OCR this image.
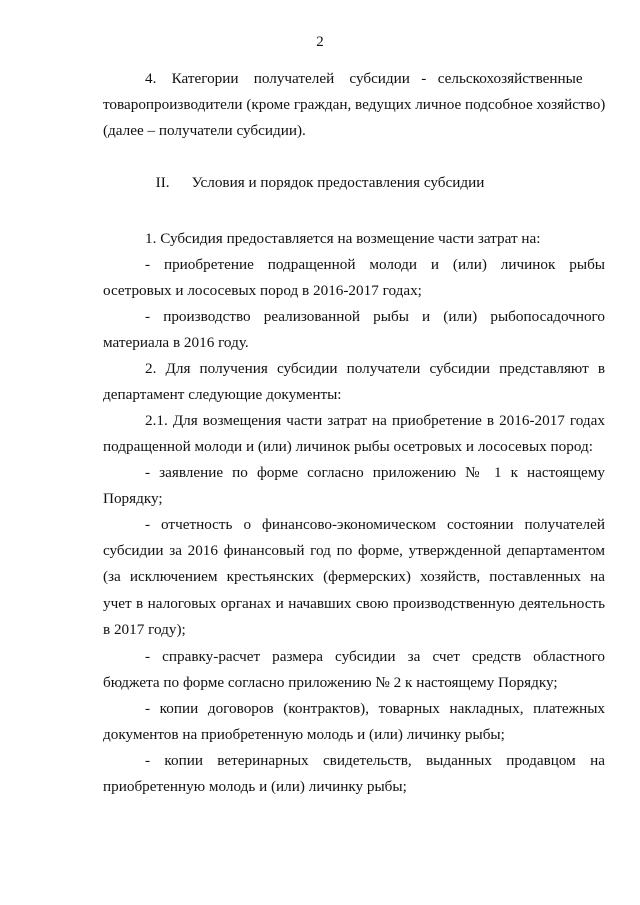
2
4.    Категории    получателей    субсидии   -   сельскохозяйственные
товаропроизводители (кроме граждан, ведущих личное подсобное хозяйство)
(далее – получатели субсидии).
II. Условия и порядок предоставления субсидии

1. Субсидия предоставляется на возмещение части затрат на:

- приобретение подращенной молоди и (или) личинок рыбы осетровых и лососевых пород в 2016-2017 годах;

- производство реализованной рыбы и (или) рыбопосадочного материала в 2016 году.

2. Для получения субсидии получатели субсидии представляют в департамент следующие документы:

2.1. Для возмещения части затрат на приобретение в 2016-2017 годах подращенной молоди и (или) личинок рыбы осетровых и лососевых пород:

- заявление по форме согласно приложению № 1 к настоящему Порядку;

- отчетность о финансово-экономическом состоянии получателей субсидии за 2016 финансовый год по форме, утвержденной департаментом (за исключением крестьянских (фермерских) хозяйств, поставленных на учет в налоговых органах и начавших свою производственную деятельность в 2017 году);

- справку-расчет размера субсидии за счет средств областного бюджета по форме согласно приложению № 2 к настоящему Порядку;

- копии договоров (контрактов), товарных накладных, платежных документов на приобретенную молодь и (или) личинку рыбы;

- копии ветеринарных свидетельств, выданных продавцом на приобретенную молодь и (или) личинку рыбы;
